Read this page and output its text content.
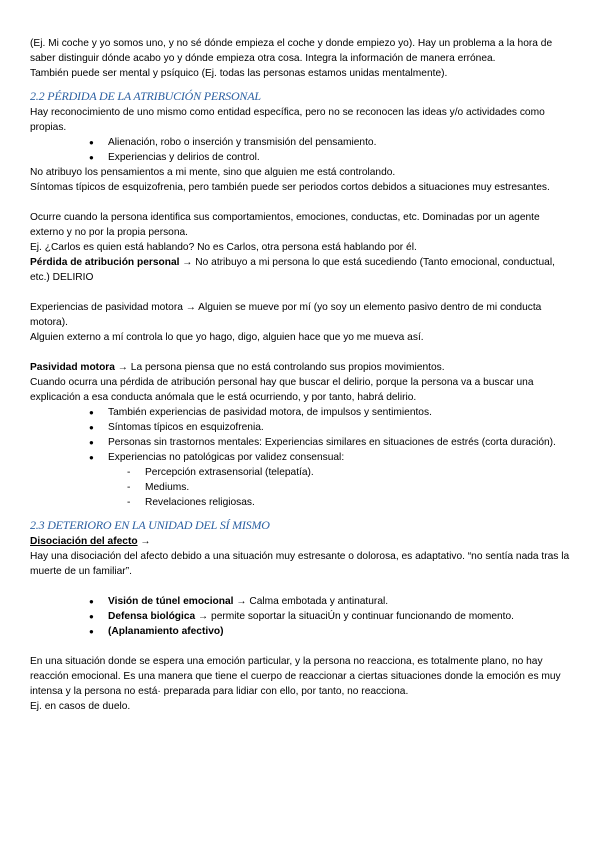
(Ej. Mi coche y yo somos uno, y no sé dónde empieza el coche y donde empiezo yo). Hay un problema a la hora de saber distinguir dónde acabo yo y dónde empieza otra cosa. Integra la información de manera errónea.

También puede ser mental y psíquico (Ej. todas las personas estamos unidas mentalmente).

2.2 PÉRDIDA DE LA ATRIBUCIÓN PERSONAL

Hay reconocimiento de uno mismo como entidad específica, pero no se reconocen las ideas y/o actividades como propias.

● Alienación, robo o inserción y transmisión del pensamiento.
● Experiencias y delirios de control.

No atribuyo los pensamientos a mi mente, sino que alguien me está controlando.

Síntomas típicos de esquizofrenia, pero también puede ser periodos cortos debidos a situaciones muy estresantes.

Ocurre cuando la persona identifica sus comportamientos, emociones, conductas, etc. Dominadas por un agente externo y no por la propia persona.

Ej. ¿Carlos es quien está hablando? No es Carlos, otra persona está hablando por él.

Pérdida de atribución personal → No atribuyo a mi persona lo que está sucediendo (Tanto emocional, conductual, etc.) DELIRIO

Experiencias de pasividad motora → Alguien se mueve por mí (yo soy un elemento pasivo dentro de mi conducta motora).

Alguien externo a mí controla lo que yo hago, digo, alguien hace que yo me mueva así.

Pasividad motora → La persona piensa que no está controlando sus propios movimientos.

Cuando ocurra una pérdida de atribución personal hay que buscar el delirio, porque la persona va a buscar una explicación a esa conducta anómala que le está ocurriendo, y por tanto, habrá delirio.

● También experiencias de pasividad motora, de impulsos y sentimientos.
● Síntomas típicos en esquizofrenia.
● Personas sin trastornos mentales: Experiencias similares en situaciones de estrés (corta duración).
● Experiencias no patológicas por validez consensual:
- Percepción extrasensorial (telepatía).
- Mediums.
- Revelaciones religiosas.
2.3 DETERIORO EN LA UNIDAD DEL SÍ MISMO

Disociación del afecto →

Hay una disociación del afecto debido a una situación muy estresante o dolorosa, es adaptativo. “no sentía nada tras la muerte de un familiar”.

● Visión de túnel emocional → Calma embotada y antinatural.
● Defensa biológica → permite soportar la situaciÚn y continuar funcionando de momento.
● (Aplanamiento afectivo)

En una situación donde se espera una emoción particular, y la persona no reacciona, es totalmente plano, no hay reacción emocional. Es una manera que tiene el cuerpo de reaccionar a ciertas situaciones donde la emoción es muy intensa y la persona no está· preparada para lidiar con ello, por tanto, no reacciona.

Ej. en casos de duelo.
